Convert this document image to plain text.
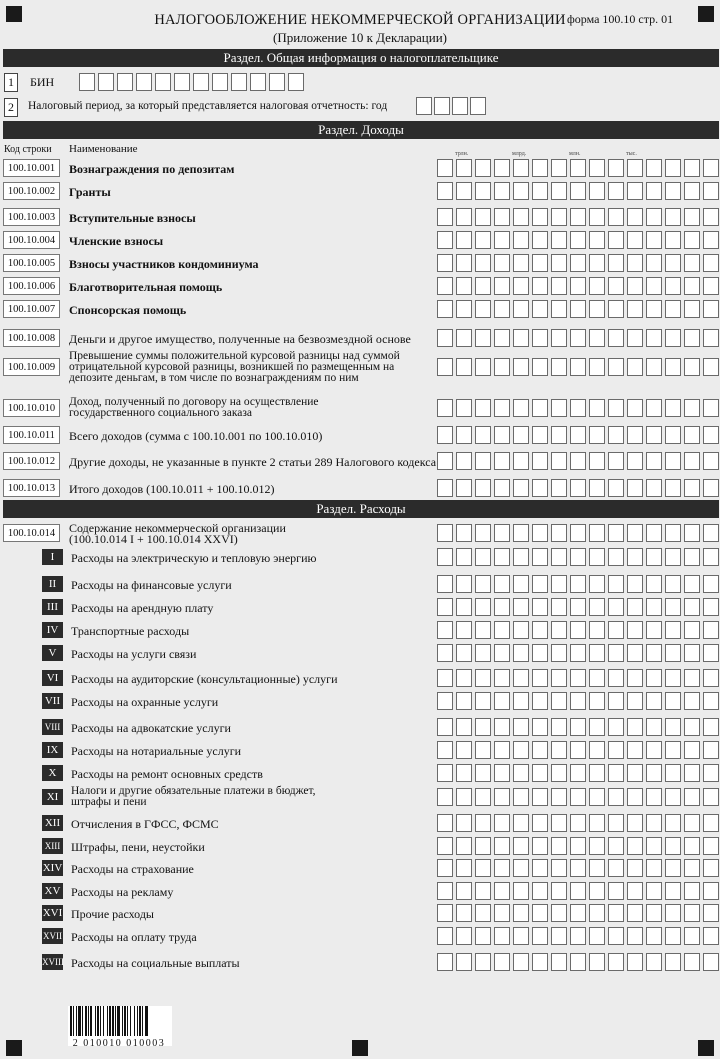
НАЛОГООБЛОЖЕНИЕ НЕКОММЕРЧЕСКОЙ ОРГАНИЗАЦИИ
(Приложение 10 к Декларации)
форма 100.10 стр. 01
Раздел. Общая информация о налогоплательщике
1	БИН
2	Налоговый период, за который представляется налоговая отчетность: год
Раздел. Доходы
Код строки Наименование	трлн.	млрд.	млн.	тыс.
100.10.001	Вознаграждения по депозитам
100.10.002	Гранты
100.10.003	Вступительные взносы
100.10.004	Членские взносы
100.10.005	Взносы участников кондоминиума
100.10.006	Благотворительная помощь
100.10.007	Спонсорская помощь
100.10.008	Деньги и другое имущество, полученные на безвозмездной основе
100.10.009
Превышение суммы положительной курсовой разницы над суммой
отрицательной курсовой разницы, возникшей по размещенным на
депозите деньгам, в том числе по вознаграждениям по ним
100.10.010
Доход, полученный по договору на осуществление
государственного социального заказа
100.10.011	Всего доходов (сумма с 100.10.001 по 100.10.010)
100.10.012	Другие доходы, не указанные в пункте 2 статьи 289 Налогового кодекса
100.10.013	Итого доходов (100.10.011 + 100.10.012)
Раздел. Расходы
100.10.014	Содержание некоммерческой организации
(100.10.014 I + 100.10.014 XXVI)
I	Расходы на электрическую и тепловую энергию
II	Расходы на финансовые услуги
III	Расходы на арендную плату
IV	Транспортные расходы
V	Расходы на услуги связи
VI	Расходы на аудиторские (консультационные) услуги
VII Расходы на охранные услуги
VIII Расходы на адвокатские услуги
IX	Расходы на нотариальные услуги
X	Расходы на ремонт основных средств
XI	Налоги и другие обязательные платежи в бюджет,
штрафы и пени
XII Отчисления в ГФСС, ФСМС
XIII Штрафы, пени, неустойки
XIV Расходы на страхование
XV Расходы на рекламу
XVI Прочие расходы
XVII Расходы на оплату труда
XVIII Расходы на социальные выплаты
2 010010 010003
